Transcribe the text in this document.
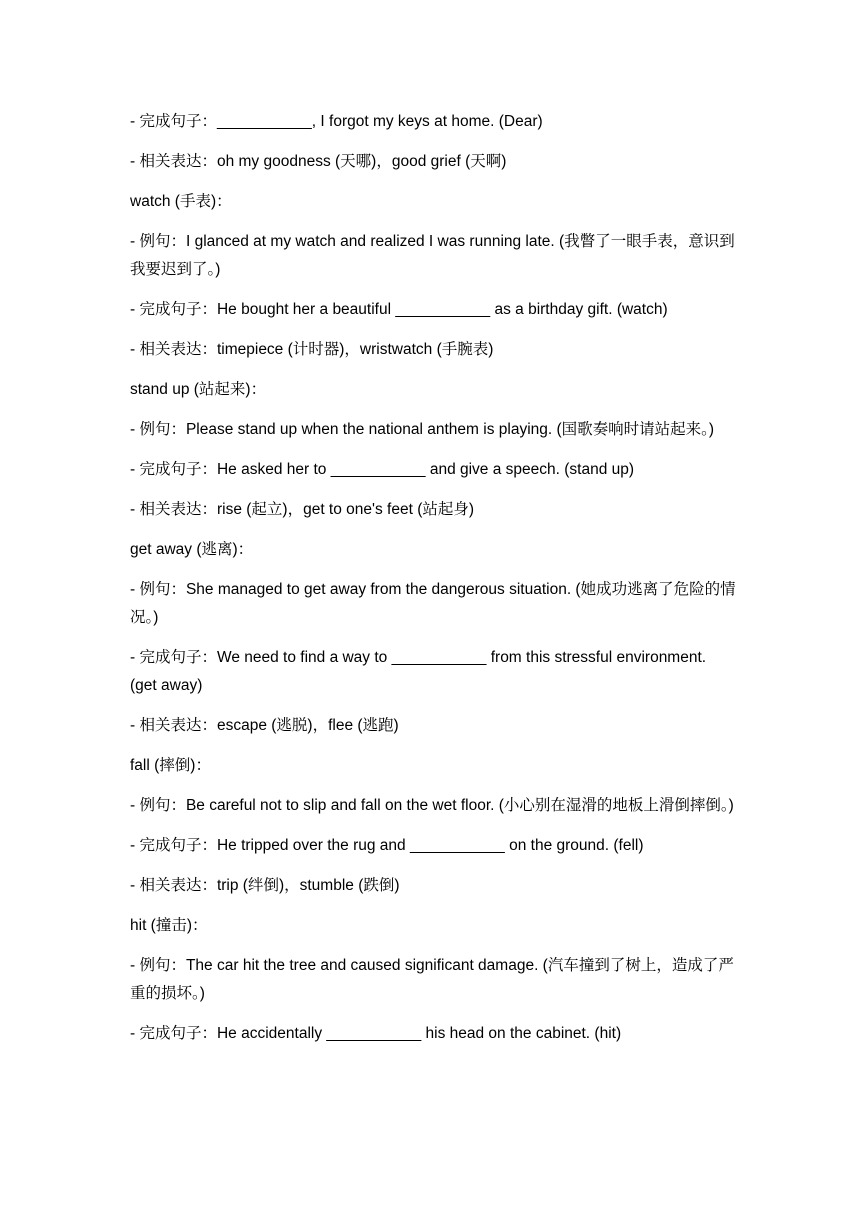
- 完成句子：___________, I forgot my keys at home. (Dear)

- 相关表达：oh my goodness (天哪)，good grief (天啊)

watch (手表)：

- 例句：I glanced at my watch and realized I was running late. (我瞥了一眼手表，意识到我要迟到了。)

- 完成句子：He bought her a beautiful ___________ as a birthday gift. (watch)

- 相关表达：timepiece (计时器)，wristwatch (手腕表)

stand up (站起来)：

- 例句：Please stand up when the national anthem is playing. (国歌奏响时请站起来。)

- 完成句子：He asked her to ___________ and give a speech. (stand up)

- 相关表达：rise (起立)，get to one's feet (站起身)

get away (逃离)：

- 例句：She managed to get away from the dangerous situation. (她成功逃离了危险的情况。)

- 完成句子：We need to find a way to ___________ from this stressful environment. (get away)

- 相关表达：escape (逃脱)，flee (逃跑)

fall (摔倒)：

- 例句：Be careful not to slip and fall on the wet floor. (小心别在湿滑的地板上滑倒摔倒。)

- 完成句子：He tripped over the rug and ___________ on the ground. (fell)

- 相关表达：trip (绊倒)，stumble (跌倒)

hit (撞击)：

- 例句：The car hit the tree and caused significant damage. (汽车撞到了树上，造成了严重的损坏。)

- 完成句子：He accidentally ___________ his head on the cabinet. (hit)
